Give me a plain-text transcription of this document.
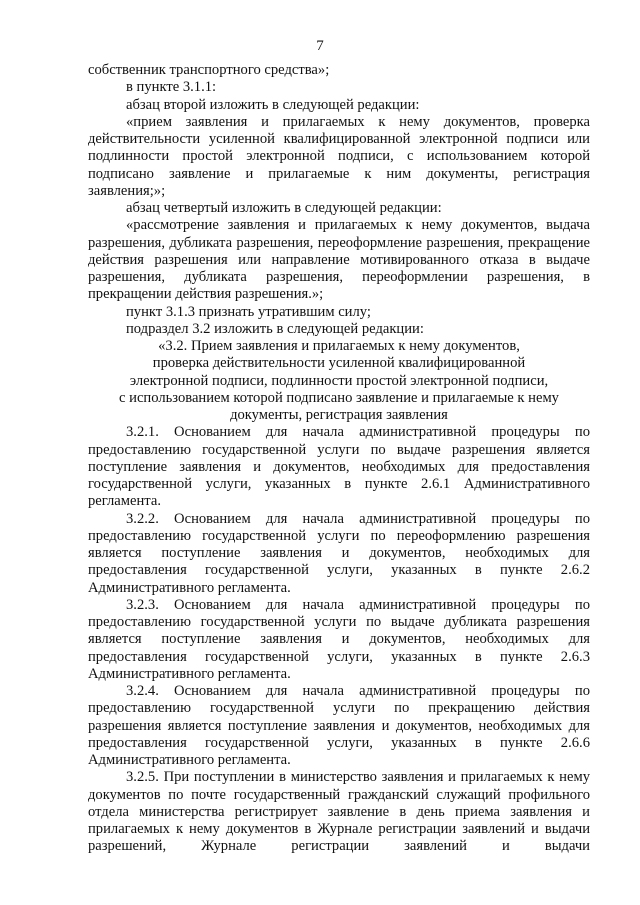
7

собственник транспортного средства»;

в пункте 3.1.1:

абзац второй изложить в следующей редакции:

«прием заявления и прилагаемых к нему документов, проверка действительности усиленной квалифицированной электронной подписи или подлинности простой электронной подписи, с использованием которой подписано заявление и прилагаемые к ним документы, регистрация заявления;»;

абзац четвертый изложить в следующей редакции:

«рассмотрение заявления и прилагаемых к нему документов, выдача разрешения, дубликата разрешения, переоформление разрешения, прекращение действия разрешения или направление мотивированного отказа в выдаче разрешения, дубликата разрешения, переоформлении разрешения, в прекращении действия разрешения.»;

пункт 3.1.3 признать утратившим силу;

подраздел 3.2 изложить в следующей редакции:

«3.2. Прием заявления и прилагаемых к нему документов,
проверка действительности усиленной квалифицированной
электронной подписи, подлинности простой электронной подписи,
с использованием которой подписано заявление и прилагаемые к нему
документы, регистрация заявления

3.2.1. Основанием для начала административной процедуры по предоставлению государственной услуги по выдаче разрешения является поступление заявления и документов, необходимых для предоставления государственной услуги, указанных в пункте 2.6.1 Административного регламента.

3.2.2. Основанием для начала административной процедуры по предоставлению государственной услуги по переоформлению разрешения является поступление заявления и документов, необходимых для предоставления государственной услуги, указанных в пункте 2.6.2 Административного регламента.

3.2.3. Основанием для начала административной процедуры по предоставлению государственной услуги по выдаче дубликата разрешения является поступление заявления и документов, необходимых для предоставления государственной услуги, указанных в пункте 2.6.3 Административного регламента.

3.2.4. Основанием для начала административной процедуры по предоставлению государственной услуги по прекращению действия разрешения является поступление заявления и документов, необходимых для предоставления государственной услуги, указанных в пункте 2.6.6 Административного регламента.

3.2.5. При поступлении в министерство заявления и прилагаемых к нему документов по почте государственный гражданский служащий профильного отдела министерства регистрирует заявление в день приема заявления и прилагаемых к нему документов в Журнале регистрации заявлений и выдачи разрешений, Журнале регистрации заявлений и выдачи
